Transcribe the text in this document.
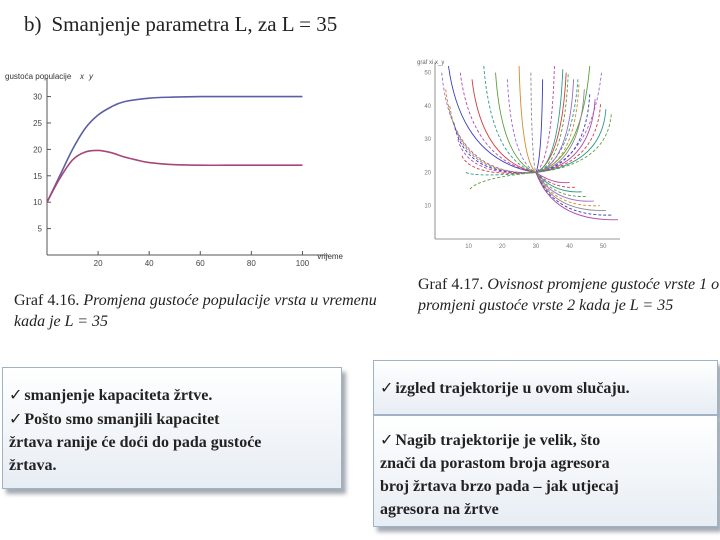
b) Smanjenje parametra L, za L = 35
20	40	60	80	100
5
10
15
20
25
30
gustoća populacije x y
vrijeme
graf xi x_y
10
20
30
40
50
10	20	30	40	50
Graf 4.16. Promjena gustoće populacije vrsta u vremenu kada je L = 35
Graf 4.17. Ovisnost promjene gustoće vrste 1 o promjeni gustoće vrste 2 kada je L = 35
✓ smanjenje kapaciteta žrtve.
✓ Pošto smo smanjili kapacitet
žrtava ranije će doći do pada gustoće
žrtava.
✓ izgled trajektorije u ovom slučaju.
✓ Nagib trajektorije je velik, što
znači da porastom broja agresora
broj žrtava brzo pada – jak utjecaj
agresora na žrtve
